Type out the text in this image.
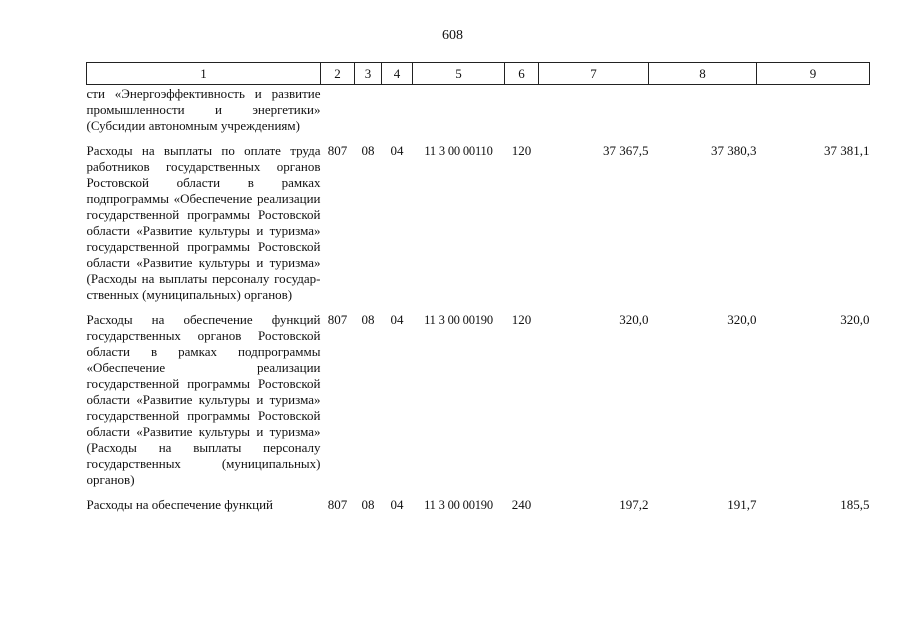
608
1	2	3	4	5	6	7	8	9
сти «Энергоэффективность и развитие промышленности и энергетики» (Субсидии автономным учреждениям)								
Расходы на выплаты по оплате труда работников государственных органов Ростовской области в рамках подпрограммы «Обеспечение реализации государственной программы Ростовской области «Развитие культуры и туризма» государственной программы Ростовской области «Развитие культуры и туризма» (Расходы на выплаты персоналу государственных (муниципальных) органов)	807	08	04	11 3 00 00110	120	37 367,5	37 380,3	37 381,1
Расходы на обеспечение функций государственных органов Ростовской области в рамках подпрограммы «Обеспечение реализации государственной программы Ростовской области «Развитие культуры и туризма» государственной программы Ростовской области «Развитие культуры и туризма» (Расходы на выплаты персоналу государственных (муниципальных) органов)	807	08	04	11 3 00 00190	120	320,0	320,0	320,0
Расходы на обеспечение функций	807	08	04	11 3 00 00190	240	197,2	191,7	185,5
